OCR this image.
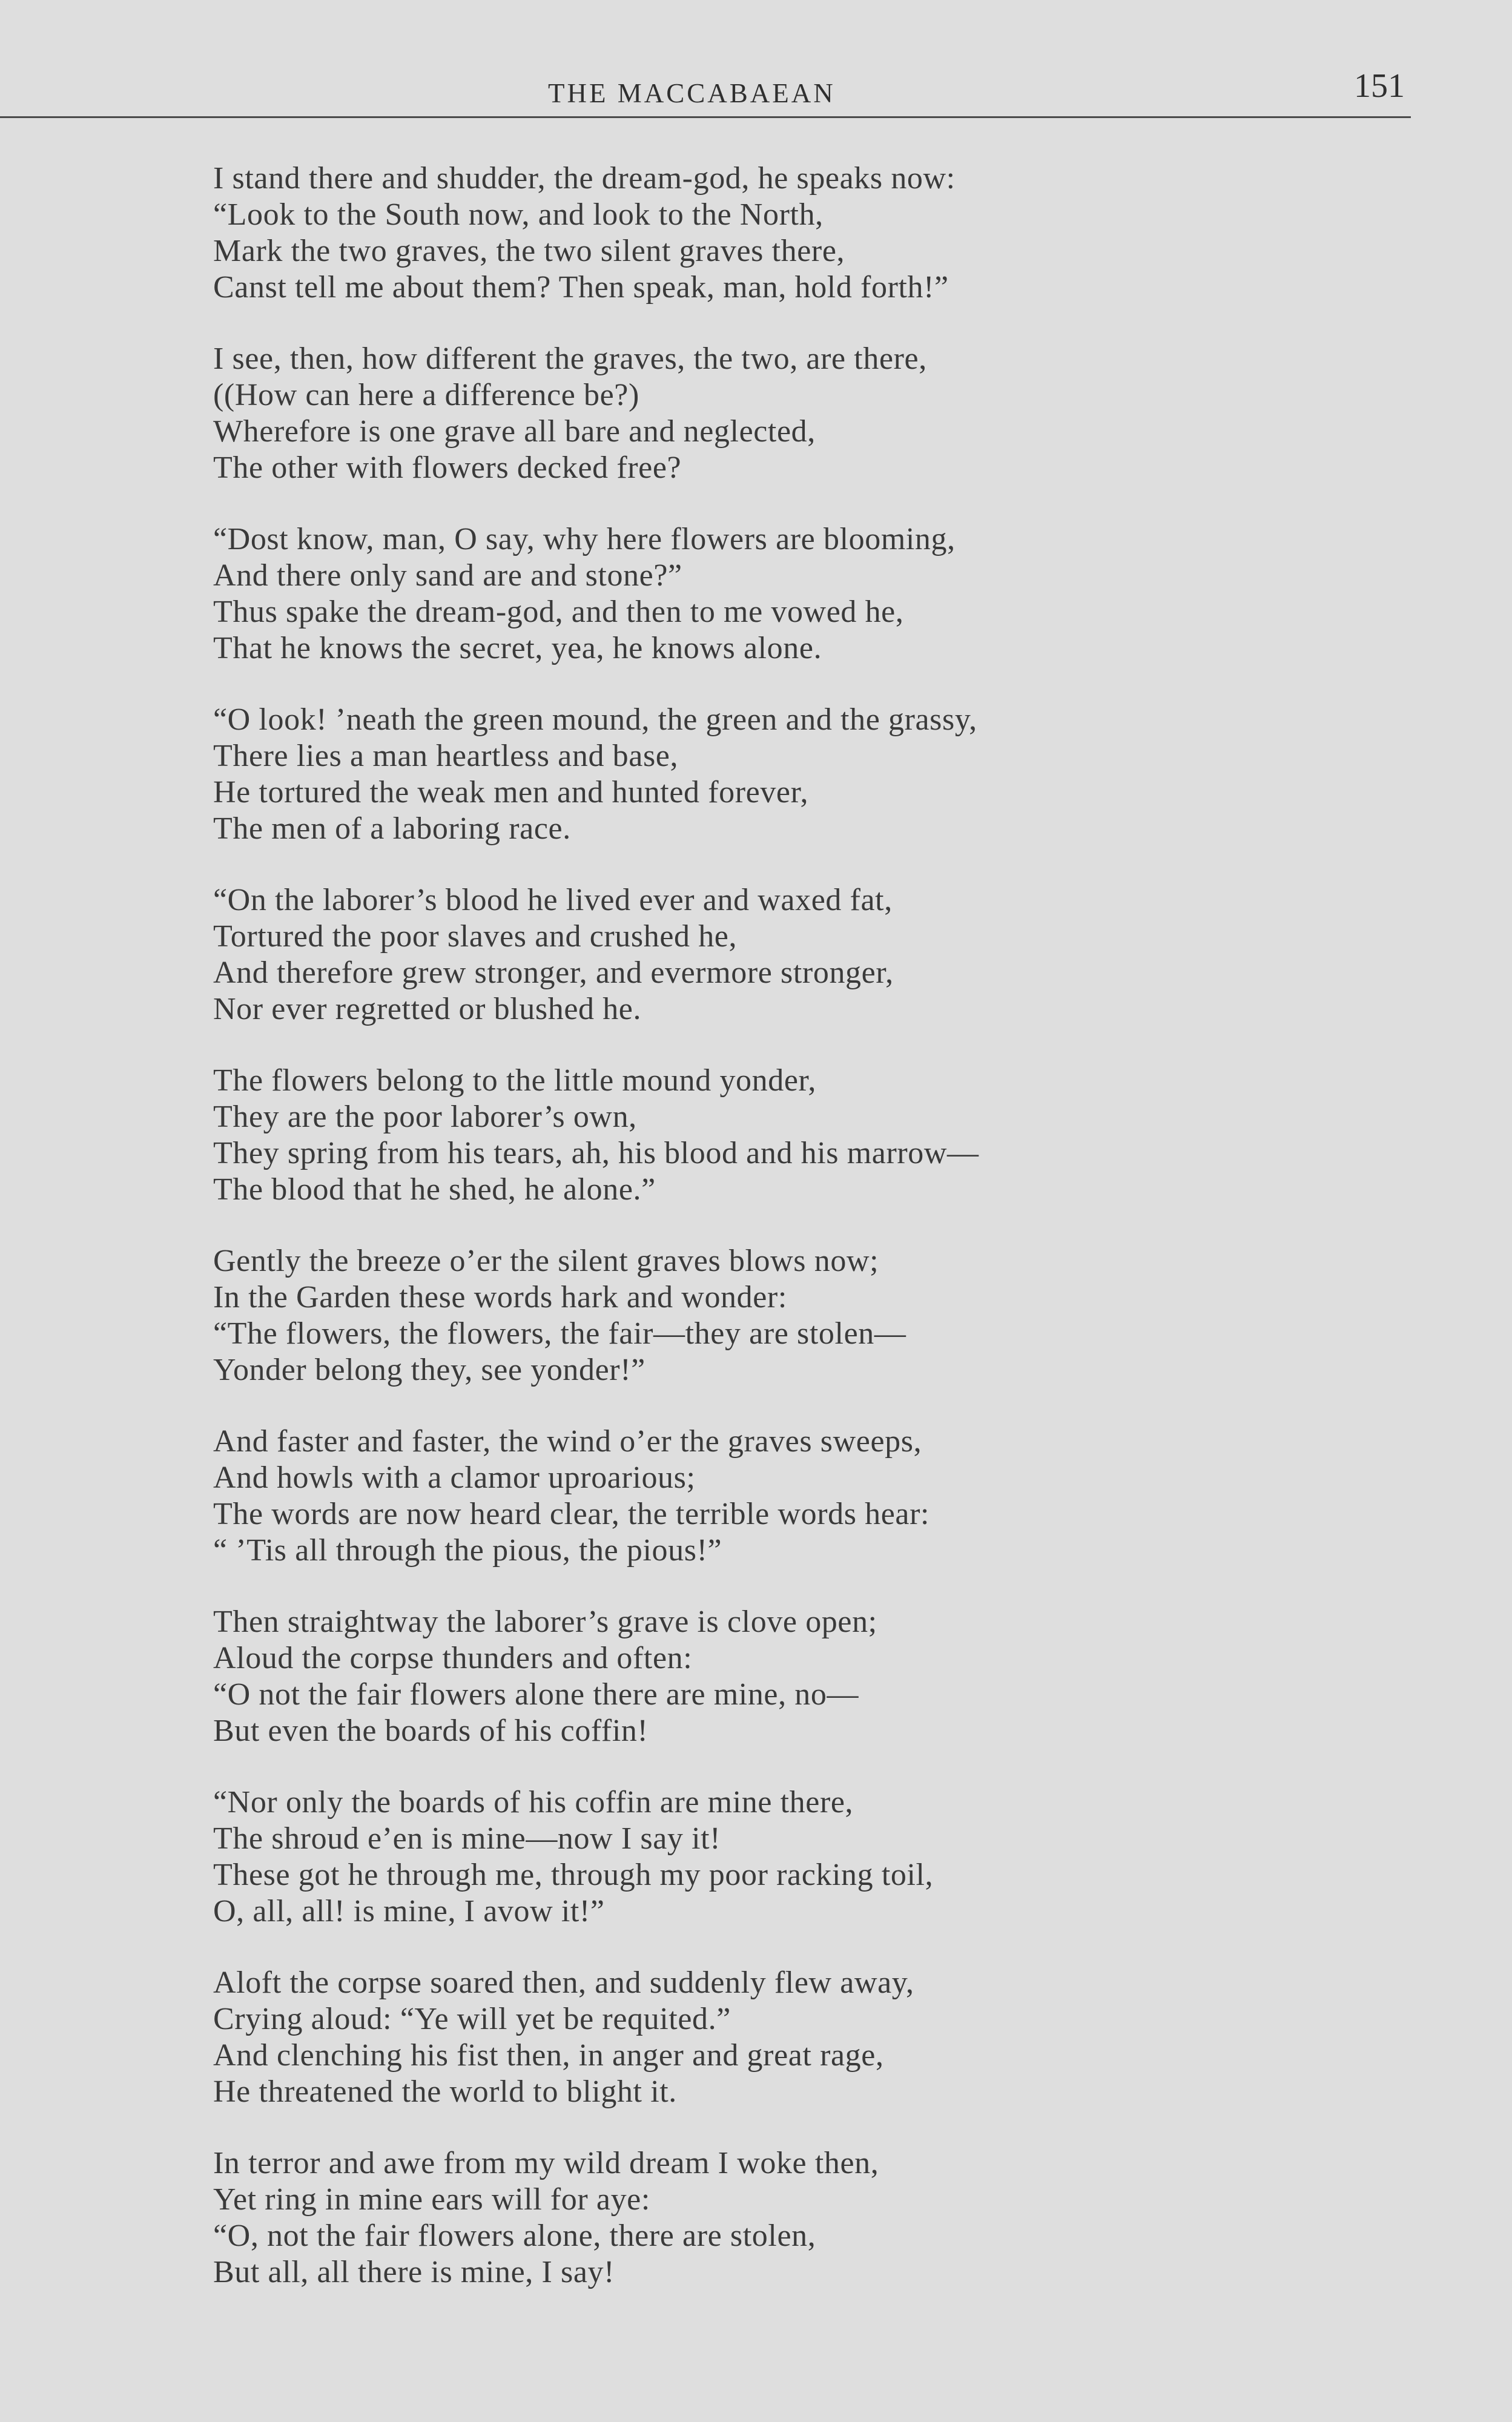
THE MACCABAEAN	151
I stand there and shudder, the dream-god, he speaks now:
“Look to the South now, and look to the North,
Mark the two graves, the two silent graves there,
Canst tell me about them? Then speak, man, hold forth!”
I see, then, how different the graves, the two, are there,
((How can here a difference be?)
Wherefore is one grave all bare and neglected,
The other with flowers decked free?
“Dost know, man, O say, why here flowers are blooming,
And there only sand are and stone?”
Thus spake the dream-god, and then to me vowed he,
That he knows the secret, yea, he knows alone.
“O look! ’neath the green mound, the green and the grassy,
There lies a man heartless and base,
He tortured the weak men and hunted forever,
The men of a laboring race.
“On the laborer’s blood he lived ever and waxed fat,
Tortured the poor slaves and crushed he,
And therefore grew stronger, and evermore stronger,
Nor ever regretted or blushed he.
The flowers belong to the little mound yonder,
They are the poor laborer’s own,
They spring from his tears, ah, his blood and his marrow—
The blood that he shed, he alone.”
Gently the breeze o’er the silent graves blows now;
In the Garden these words hark and wonder:
“The flowers, the flowers, the fair—they are stolen—
Yonder belong they, see yonder!”
And faster and faster, the wind o’er the graves sweeps,
And howls with a clamor uproarious;
The words are now heard clear, the terrible words hear:
“ ’Tis all through the pious, the pious!”
Then straightway the laborer’s grave is clove open;
Aloud the corpse thunders and often:
“O not the fair flowers alone there are mine, no—
But even the boards of his coffin!
“Nor only the boards of his coffin are mine there,
The shroud e’en is mine—now I say it!
These got he through me, through my poor racking toil,
O, all, all! is mine, I avow it!”
Aloft the corpse soared then, and suddenly flew away,
Crying aloud: “Ye will yet be requited.”
And clenching his fist then, in anger and great rage,
He threatened the world to blight it.
In terror and awe from my wild dream I woke then,
Yet ring in mine ears will for aye:
“O, not the fair flowers alone, there are stolen,
But all, all there is mine, I say!
